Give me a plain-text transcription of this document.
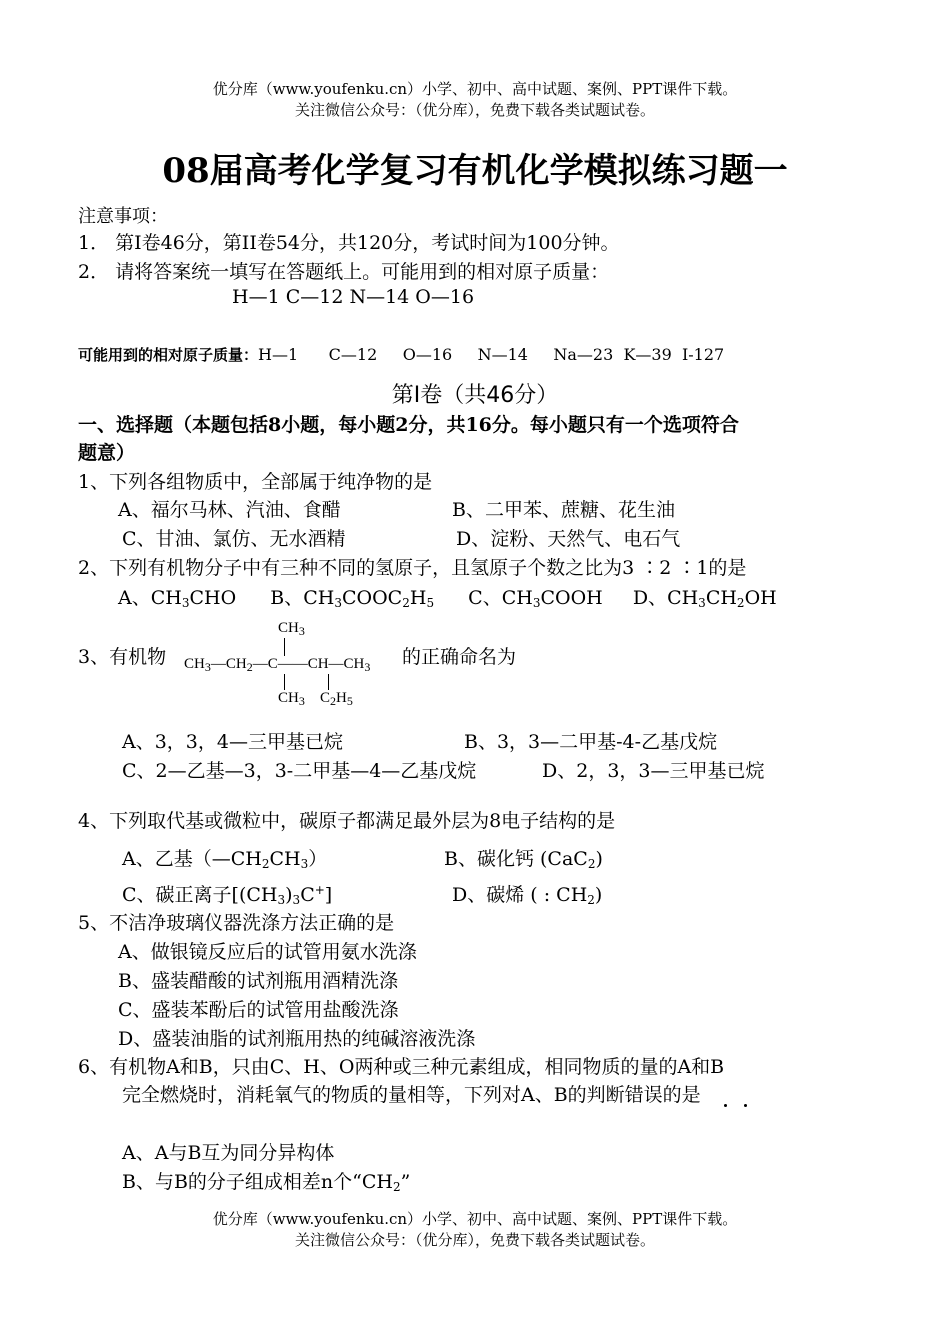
优分库（www.youfenku.cn）小学、初中、高中试题、案例、PPT课件下载。
关注微信公众号：（优分库），免费下载各类试题试卷。
08届高考化学复习有机化学模拟练习题一
注意事项：
1． 第I卷46分，第II卷54分，共120分，考试时间为100分钟。
2． 请将答案统一填写在答题纸上。可能用到的相对原子质量：
H—1 C—12 N—14 O—16
可能用到的相对原子质量：H—1      C—12     O—16     N—14     Na—23  K—39  I-127
第Ⅰ卷（共46分）
一、选择题（本题包括8小题，每小题2分，共16分。每小题只有一个选项符合
题意）
1、下列各组物质中，全部属于纯净物的是
A、福尔马林、汽油、食醋	B、二甲苯、蔗糖、花生油
C、甘油、氯仿、无水酒精	D、淀粉、天然气、电石气
2、下列有机物分子中有三种不同的氢原子，且氢原子个数之比为3 ∶2 ∶1的是
A、$CH_3CHO$ B、$CH_3COOC_2H_5$ C、$CH_3COOH$ D、$CH_3CH_2OH$
3、有机物
$CH_3$
$CH_3—CH_2—C——CH—CH_3$
$CH_3$ $C_2H_5$
的正确命名为
A、3，3，4—三甲基已烷	B、3，3—二甲基-4-乙基戊烷
C、2—乙基—3，3-二甲基—4—乙基戊烷	D、2，3，3—三甲基已烷
4、下列取代基或微粒中，碳原子都满足最外层为8电子结构的是
A、乙基$(—CH_2CH_3)$	B、碳化钙 (CaC$_2$)
C、碳正离子$[(CH_3)_3C^+]$	D、碳烯 ( : $CH_2$)
5、不洁净玻璃仪器洗涤方法正确的是
A、做银镜反应后的试管用氨水洗涤
B、盛装醋酸的试剂瓶用酒精洗涤
C、盛装苯酚后的试管用盐酸洗涤
D、盛装油脂的试剂瓶用热的纯碱溶液洗涤
6、有机物A和B，只由C、H、O两种或三种元素组成，相同物质的量的A和B
完全燃烧时，消耗氧气的物质的量相等，下列对A、B的判断错误的是
A、A与B互为同分异构体
B、与B的分子组成相差n个“$CH_2$”
优分库（www.youfenku.cn）小学、初中、高中试题、案例、PPT课件下载。
关注微信公众号：（优分库），免费下载各类试题试卷。
